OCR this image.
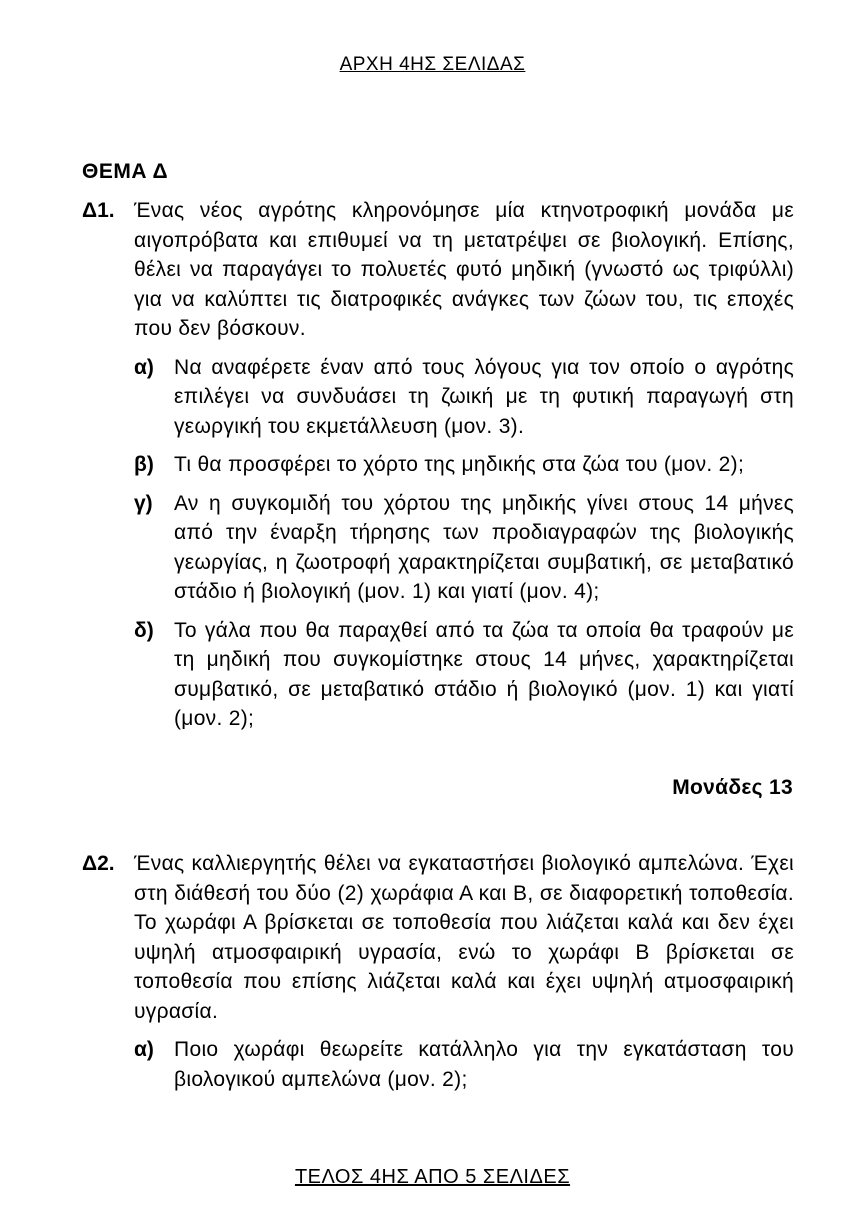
ΑΡΧΗ 4ΗΣ ΣΕΛΙΔΑΣ
ΘΕΜΑ Δ
Δ1. Ένας νέος αγρότης κληρονόμησε μία κτηνοτροφική μονάδα με αιγοπρόβατα και επιθυμεί να τη μετατρέψει σε βιολογική. Επίσης, θέλει να παραγάγει το πολυετές φυτό μηδική (γνωστό ως τριφύλλι) για να καλύπτει τις διατροφικές ανάγκες των ζώων του, τις εποχές που δεν βόσκουν.
α) Να αναφέρετε έναν από τους λόγους για τον οποίο ο αγρότης επιλέγει να συνδυάσει τη ζωική με τη φυτική παραγωγή στη γεωργική του εκμετάλλευση (μον. 3).
β) Τι θα προσφέρει το χόρτο της μηδικής στα ζώα του (μον. 2);
γ) Αν η συγκομιδή του χόρτου της μηδικής γίνει στους 14 μήνες από την έναρξη τήρησης των προδιαγραφών της βιολογικής γεωργίας, η ζωοτροφή χαρακτηρίζεται συμβατική, σε μεταβατικό στάδιο ή βιολογική (μον. 1) και γιατί (μον. 4);
δ) Το γάλα που θα παραχθεί από τα ζώα τα οποία θα τραφούν με τη μηδική που συγκομίστηκε στους 14 μήνες, χαρακτηρίζεται συμβατικό, σε μεταβατικό στάδιο ή βιολογικό (μον. 1) και γιατί (μον. 2);
Μονάδες 13
Δ2. Ένας καλλιεργητής θέλει να εγκαταστήσει βιολογικό αμπελώνα. Έχει στη διάθεσή του δύο (2) χωράφια Α και Β, σε διαφορετική τοποθεσία. Το χωράφι Α βρίσκεται σε τοποθεσία που λιάζεται καλά και δεν έχει υψηλή ατμοσφαιρική υγρασία, ενώ το χωράφι Β βρίσκεται σε τοποθεσία που επίσης λιάζεται καλά και έχει υψηλή ατμοσφαιρική υγρασία.
α) Ποιο χωράφι θεωρείτε κατάλληλο για την εγκατάσταση του βιολογικού αμπελώνα (μον. 2);
ΤΕΛΟΣ 4ΗΣ ΑΠΟ 5 ΣΕΛΙΔΕΣ
